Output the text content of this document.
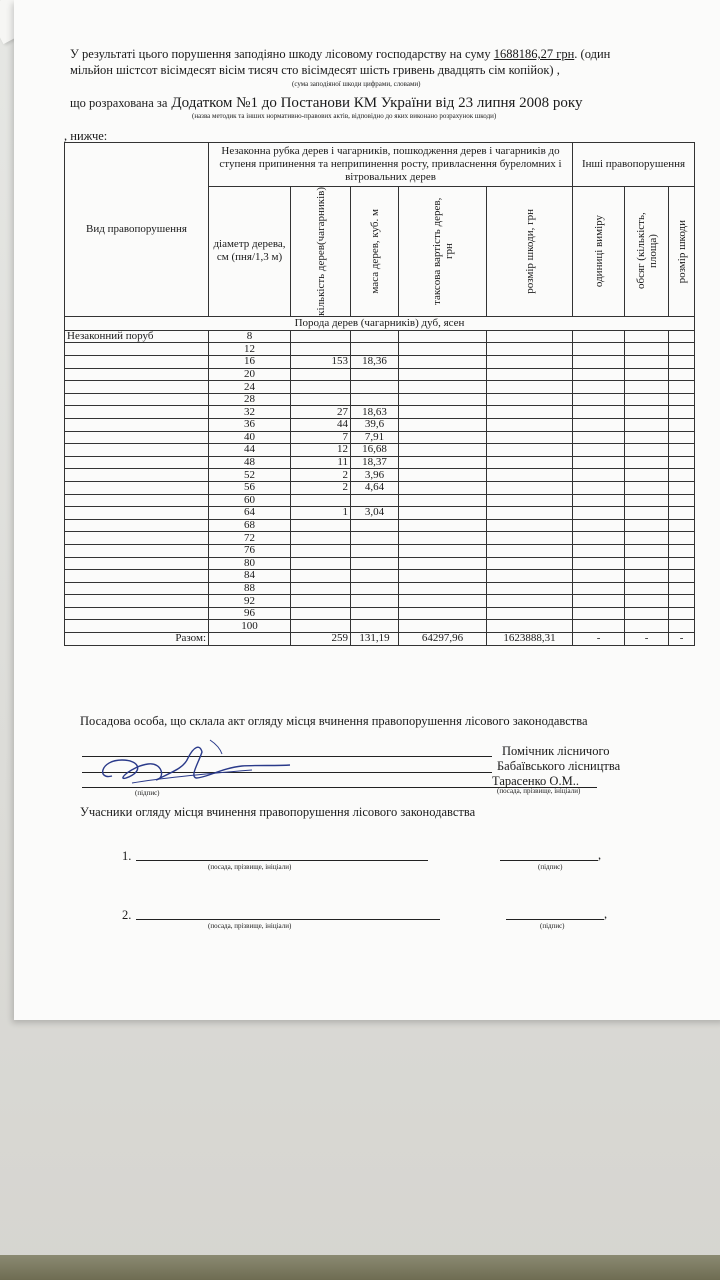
У результаті цього порушення заподіяно шкоду лісовому господарству на суму 1688186,27 грн. (один
мільйон шістсот вісімдесят вісім тисяч сто вісімдесят шість гривень двадцять сім копійок) ,
(сума заподіяної шкоди цифрами, словами)
що розрахована за Додатком №1 до Постанови КМ України від 23 липня 2008 року
(назва методик та інших нормативно-правових актів, відповідно до яких виконано розрахунок шкоди)
, нижче:
Вид правопорушення	Незаконна рубка дерев і чагарників, пошкодження дерев і чагарників до ступеня припинення та неприпинення росту, привласнення буреломних і вітровальних дерев					Інші правопорушення		
	діаметр дерева, см (пня/1,3 м)	кількість дерев(чагарників)	маса дерев, куб. м	таксова вартість дерев, грн	розмір шкоди, грн	одиниці виміру	обсяг (кількість, площа)	розмір шкоди

Порода дерев (чагарників) дуб, ясен								
Незаконний поруб	8							
	12							
	16	153	18,36					
	20							
	24							
	28							
	32	27	18,63					
	36	44	39,6					
	40	7	7,91					
	44	12	16,68					
	48	11	18,37					
	52	2	3,96					
	56	2	4,64					
	60							
	64	1	3,04					
	68							
	72							
	76							
	80							
	84							
	88							
	92							
	96							
	100							
Разом:		259	131,19	64297,96	1623888,31	-	-	-
Посадова особа, що склала акт огляду місця вчинення правопорушення лісового законодавства
Помічник лісничого
Бабаївського лісництва
Тарасенко О.М..
(підпис)	(посада, прізвище, ініціали)
Учасники огляду місця вчинення правопорушення лісового законодавства
1.
(посада, прізвище, ініціали)
,
(підпис)
2.
(посада, прізвище, ініціали)
,
(підпис)
